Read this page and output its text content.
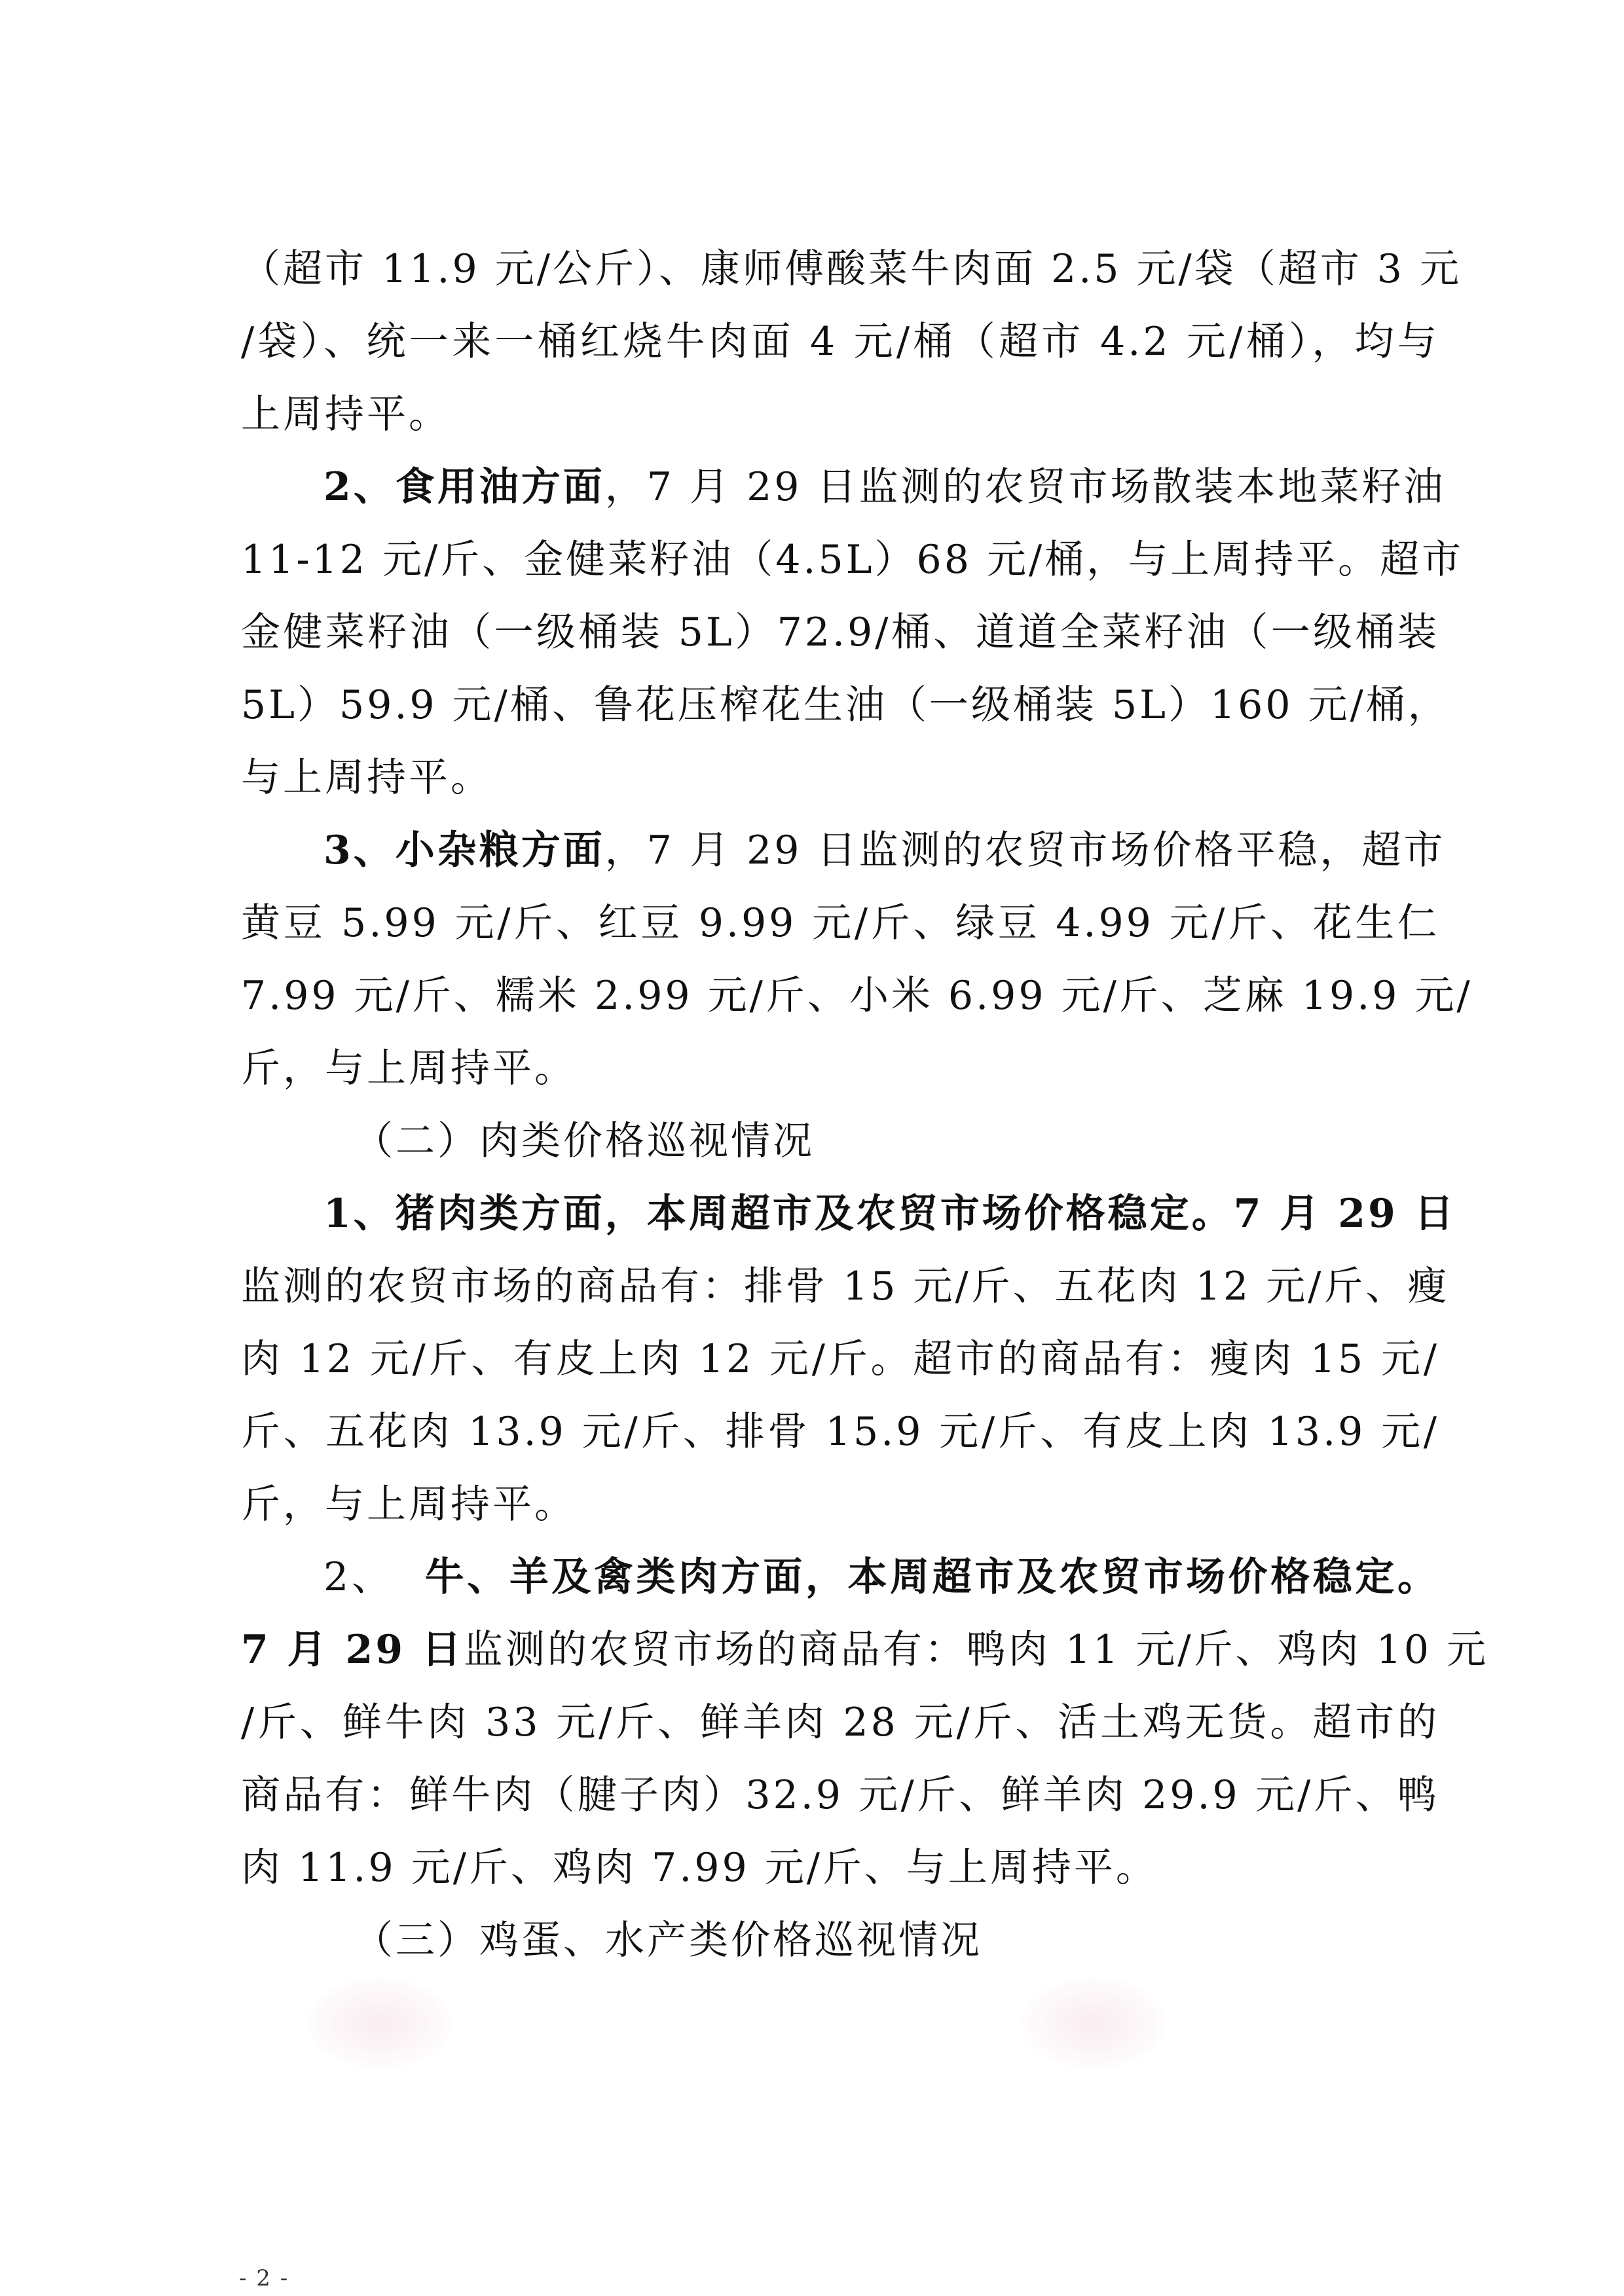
（超市 11.9 元/公斤）、康师傅酸菜牛肉面 2.5 元/袋（超市 3 元
/袋）、统一来一桶红烧牛肉面 4 元/桶（超市 4.2 元/桶），均与
上周持平。
2、食用油方面，7 月 29 日监测的农贸市场散装本地菜籽油
11-12 元/斤、金健菜籽油（4.5L）68 元/桶，与上周持平。超市
金健菜籽油（一级桶装 5L）72.9/桶、道道全菜籽油（一级桶装
5L）59.9 元/桶、鲁花压榨花生油（一级桶装 5L）160 元/桶，
与上周持平。
3、小杂粮方面，7 月 29 日监测的农贸市场价格平稳，超市
黄豆 5.99 元/斤、红豆 9.99 元/斤、绿豆 4.99 元/斤、花生仁
7.99 元/斤、糯米 2.99 元/斤、小米 6.99 元/斤、芝麻 19.9 元/
斤，与上周持平。
（二）肉类价格巡视情况
1、猪肉类方面，本周超市及农贸市场价格稳定。7 月 29 日
监测的农贸市场的商品有：排骨 15 元/斤、五花肉 12 元/斤、瘦
肉 12 元/斤、有皮上肉 12 元/斤。超市的商品有：瘦肉 15 元/
斤、五花肉 13.9 元/斤、排骨 15.9 元/斤、有皮上肉 13.9 元/
斤，与上周持平。
2、 牛、羊及禽类肉方面，本周超市及农贸市场价格稳定。
7 月 29 日监测的农贸市场的商品有：鸭肉 11 元/斤、鸡肉 10 元
/斤、鲜牛肉 33 元/斤、鲜羊肉 28 元/斤、活土鸡无货。超市的
商品有：鲜牛肉（腱子肉）32.9 元/斤、鲜羊肉 29.9 元/斤、鸭
肉 11.9 元/斤、鸡肉 7.99 元/斤、与上周持平。
（三）鸡蛋、水产类价格巡视情况
- 2 -
